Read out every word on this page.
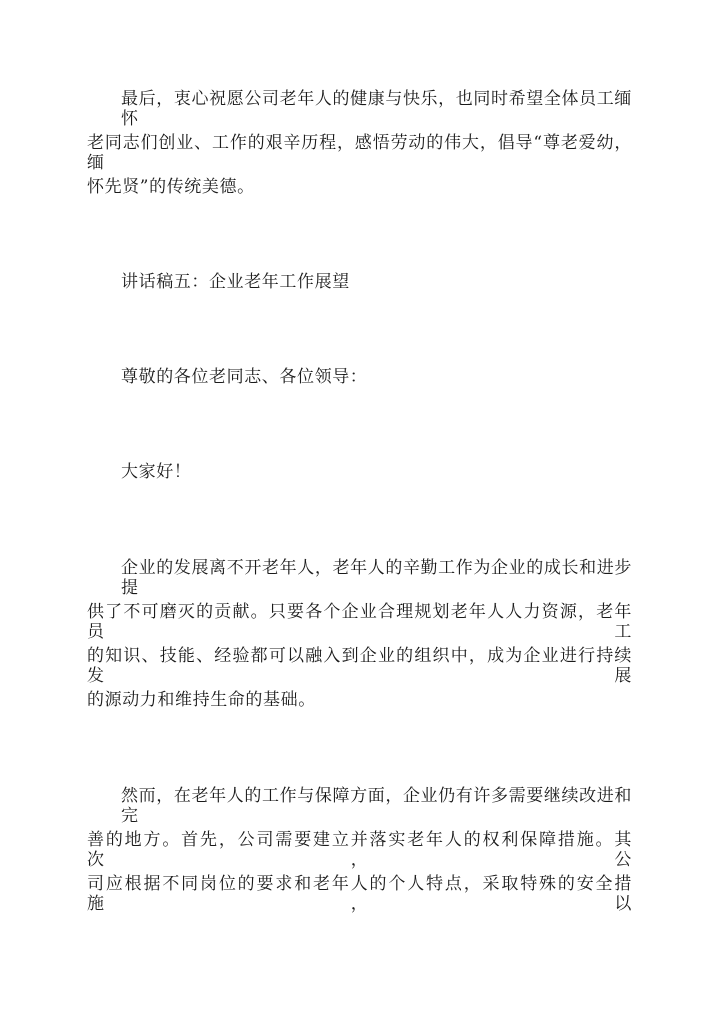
最后，衷心祝愿公司老年人的健康与快乐，也同时希望全体员工缅怀
老同志们创业、工作的艰辛历程，感悟劳动的伟大，倡导“尊老爱幼，缅
怀先贤”的传统美德。
讲话稿五：企业老年工作展望
尊敬的各位老同志、各位领导：
大家好！
企业的发展离不开老年人，老年人的辛勤工作为企业的成长和进步提
供了不可磨灭的贡献。只要各个企业合理规划老年人人力资源，老年员工
的知识、技能、经验都可以融入到企业的组织中，成为企业进行持续发展
的源动力和维持生命的基础。
然而，在老年人的工作与保障方面，企业仍有许多需要继续改进和完
善的地方。首先，公司需要建立并落实老年人的权利保障措施。其次，公
司应根据不同岗位的要求和老年人的个人特点，采取特殊的安全措施，以
